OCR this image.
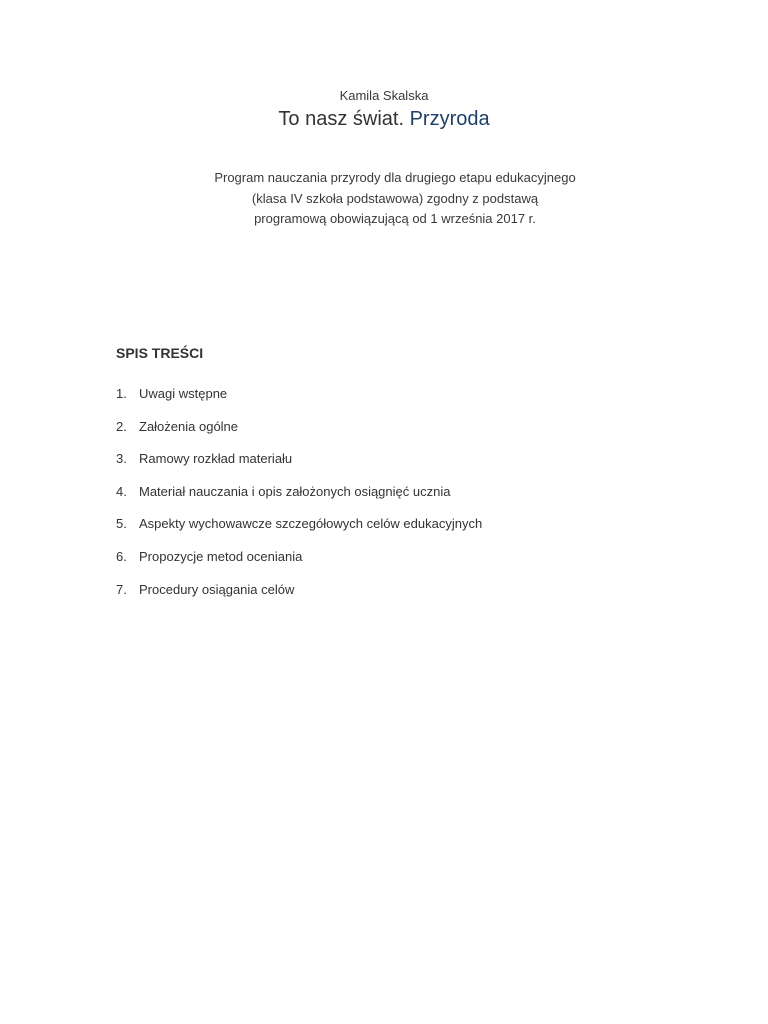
Kamila Skalska
To nasz świat. Przyroda
Program nauczania przyrody dla drugiego etapu edukacyjnego
(klasa IV szkoła podstawowa) zgodny z podstawą
programową obowiązującą od 1 września 2017 r.
SPIS TREŚCI
1. Uwagi wstępne
2. Założenia ogólne
3. Ramowy rozkład materiału
4. Materiał nauczania i opis założonych osiągnięć ucznia
5. Aspekty wychowawcze szczegółowych celów edukacyjnych
6. Propozycje metod oceniania
7. Procedury osiągania celów
